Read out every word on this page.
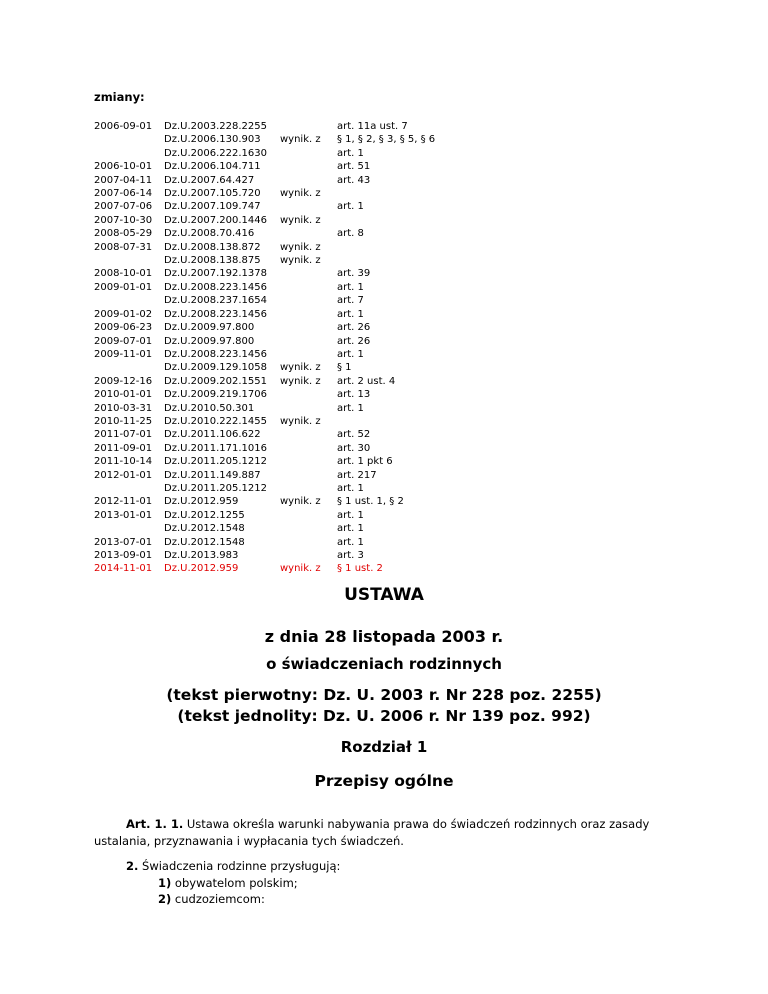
zmiany:
2006-09-01	Dz.U.2003.228.2255		art. 11a ust. 7
	Dz.U.2006.130.903	wynik. z	§ 1, § 2, § 3, § 5, § 6
	Dz.U.2006.222.1630		art. 1
2006-10-01	Dz.U.2006.104.711		art. 51
2007-04-11	Dz.U.2007.64.427		art. 43
2007-06-14	Dz.U.2007.105.720	wynik. z	
2007-07-06	Dz.U.2007.109.747		art. 1
2007-10-30	Dz.U.2007.200.1446	wynik. z	
2008-05-29	Dz.U.2008.70.416		art. 8
2008-07-31	Dz.U.2008.138.872	wynik. z	
	Dz.U.2008.138.875	wynik. z	
2008-10-01	Dz.U.2007.192.1378		art. 39
2009-01-01	Dz.U.2008.223.1456		art. 1
	Dz.U.2008.237.1654		art. 7
2009-01-02	Dz.U.2008.223.1456		art. 1
2009-06-23	Dz.U.2009.97.800		art. 26
2009-07-01	Dz.U.2009.97.800		art. 26
2009-11-01	Dz.U.2008.223.1456		art. 1
	Dz.U.2009.129.1058	wynik. z	§ 1
2009-12-16	Dz.U.2009.202.1551	wynik. z	art. 2 ust. 4
2010-01-01	Dz.U.2009.219.1706		art. 13
2010-03-31	Dz.U.2010.50.301		art. 1
2010-11-25	Dz.U.2010.222.1455	wynik. z	
2011-07-01	Dz.U.2011.106.622		art. 52
2011-09-01	Dz.U.2011.171.1016		art. 30
2011-10-14	Dz.U.2011.205.1212		art. 1 pkt 6
2012-01-01	Dz.U.2011.149.887		art. 217
	Dz.U.2011.205.1212		art. 1
2012-11-01	Dz.U.2012.959	wynik. z	§ 1 ust. 1, § 2
2013-01-01	Dz.U.2012.1255		art. 1
	Dz.U.2012.1548		art. 1
2013-07-01	Dz.U.2012.1548		art. 1
2013-09-01	Dz.U.2013.983		art. 3
2014-11-01	Dz.U.2012.959	wynik. z	§ 1 ust. 2
USTAWA
z dnia 28 listopada 2003 r.
o świadczeniach rodzinnych
(tekst pierwotny: Dz. U. 2003 r. Nr 228 poz. 2255)
(tekst jednolity: Dz. U. 2006 r. Nr 139 poz. 992)
Rozdział 1
Przepisy ogólne
Art. 1. 1. Ustawa określa warunki nabywania prawa do świadczeń rodzinnych oraz zasady ustalania, przyznawania i wypłacania tych świadczeń.
2. Świadczenia rodzinne przysługują:
1) obywatelom polskim;
2) cudzoziemcom:
